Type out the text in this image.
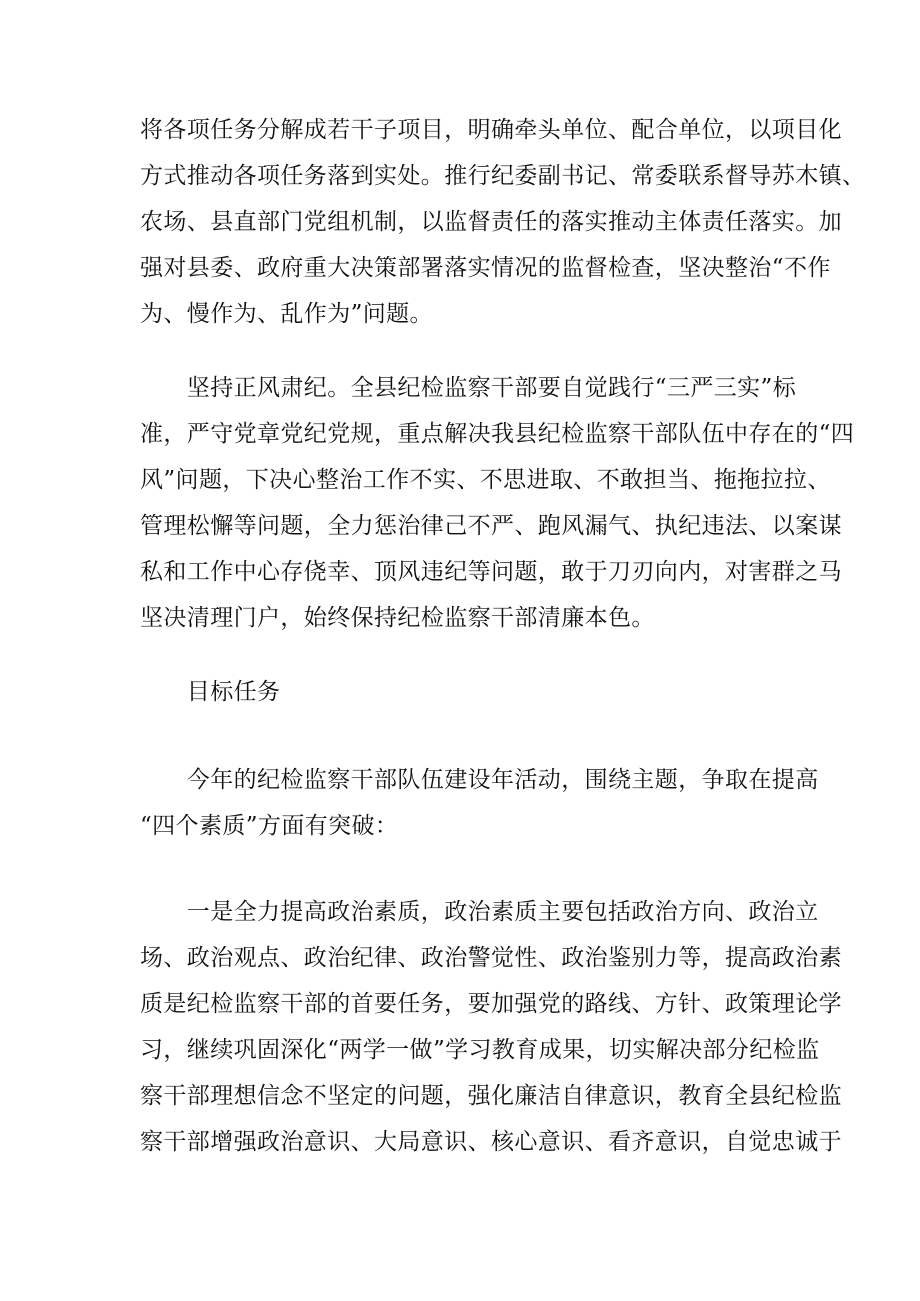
将各项任务分解成若干子项目，明确牵头单位、配合单位，以项目化
方式推动各项任务落到实处。推行纪委副书记、常委联系督导苏木镇、
农场、县直部门党组机制，以监督责任的落实推动主体责任落实。加
强对县委、政府重大决策部署落实情况的监督检查，坚决整治“不作
为、慢作为、乱作为”问题。
　　坚持正风肃纪。全县纪检监察干部要自觉践行“三严三实”标
准，严守党章党纪党规，重点解决我县纪检监察干部队伍中存在的“四
风”问题，下决心整治工作不实、不思进取、不敢担当、拖拖拉拉、
管理松懈等问题，全力惩治律己不严、跑风漏气、执纪违法、以案谋
私和工作中心存侥幸、顶风违纪等问题，敢于刀刃向内，对害群之马
坚决清理门户，始终保持纪检监察干部清廉本色。
　　目标任务
　　今年的纪检监察干部队伍建设年活动，围绕主题，争取在提高
“四个素质”方面有突破：
　　一是全力提高政治素质，政治素质主要包括政治方向、政治立
场、政治观点、政治纪律、政治警觉性、政治鉴别力等，提高政治素
质是纪检监察干部的首要任务，要加强党的路线、方针、政策理论学
习，继续巩固深化“两学一做”学习教育成果，切实解决部分纪检监
察干部理想信念不坚定的问题，强化廉洁自律意识，教育全县纪检监
察干部增强政治意识、大局意识、核心意识、看齐意识，自觉忠诚于
